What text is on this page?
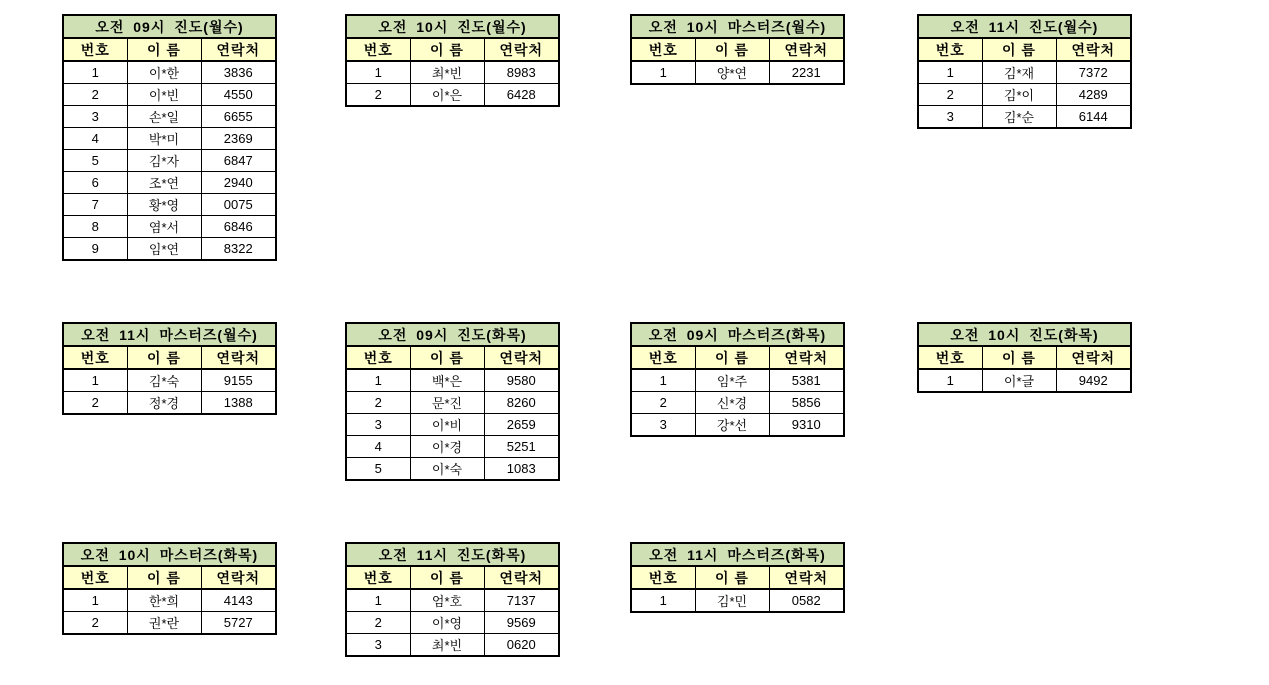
오전 09시 진도(월수)		
번호	이 름	연락처
1	이*한	3836
2	이*빈	4550
3	손*일	6655
4	박*미	2369
5	김*자	6847
6	조*연	2940
7	황*영	0075
8	염*서	6846
9	임*연	8322
오전 10시 진도(월수)		
번호	이 름	연락처
1	최*빈	8983
2	이*은	6428
오전 10시 마스터즈(월수)		
번호	이 름	연락처
1	양*연	2231
오전 11시 진도(월수)		
번호	이 름	연락처
1	김*재	7372
2	김*이	4289
3	김*순	6144
오전 11시 마스터즈(월수)		
번호	이 름	연락처
1	김*숙	9155
2	정*경	1388
오전 09시 진도(화목)		
번호	이 름	연락처
1	백*은	9580
2	문*진	8260
3	이*비	2659
4	이*경	5251
5	이*숙	1083
오전 09시 마스터즈(화목)		
번호	이 름	연락처
1	임*주	5381
2	신*경	5856
3	강*선	9310
오전 10시 진도(화목)		
번호	이 름	연락처
1	이*글	9492
오전 10시 마스터즈(화목)		
번호	이 름	연락처
1	한*희	4143
2	권*란	5727
오전 11시 진도(화목)		
번호	이 름	연락처
1	엄*호	7137
2	이*영	9569
3	최*빈	0620
오전 11시 마스터즈(화목)		
번호	이 름	연락처
1	김*민	0582
